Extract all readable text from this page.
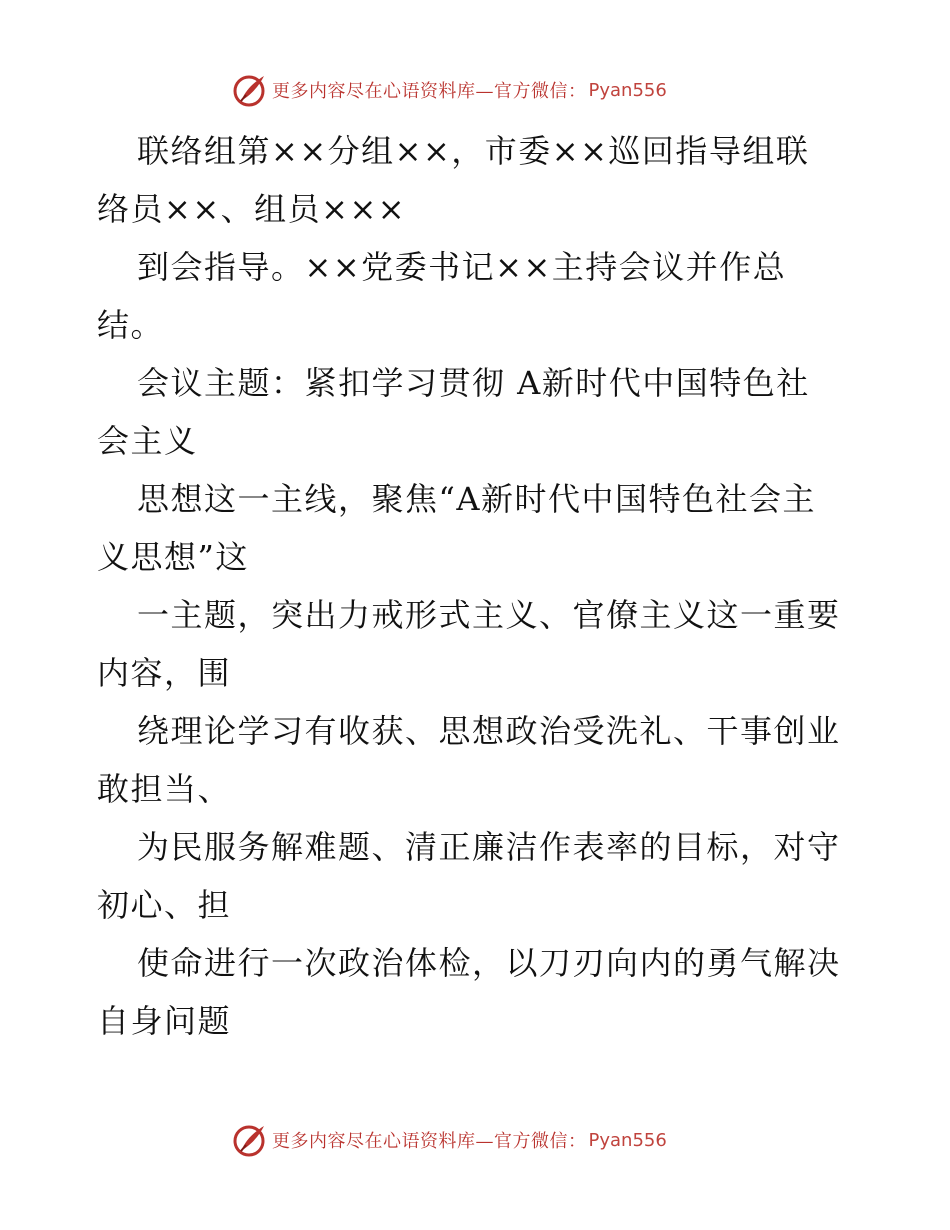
更多内容尽在心语资料库—官方微信： Pyan556
联络组第××分组××，市委××巡回指导组联
络员××、组员×××
到会指导。××党委书记××主持会议并作总
结。
会议主题：紧扣学习贯彻 A新时代中国特色社
会主义
思想这一主线，聚焦“A新时代中国特色社会主
义思想”这
一主题，突出力戒形式主义、官僚主义这一重要
内容，围
绕理论学习有收获、思想政治受洗礼、干事创业
敢担当、
为民服务解难题、清正廉洁作表率的目标，对守
初心、担
使命进行一次政治体检，以刀刃向内的勇气解决
自身问题
更多内容尽在心语资料库—官方微信： Pyan556
